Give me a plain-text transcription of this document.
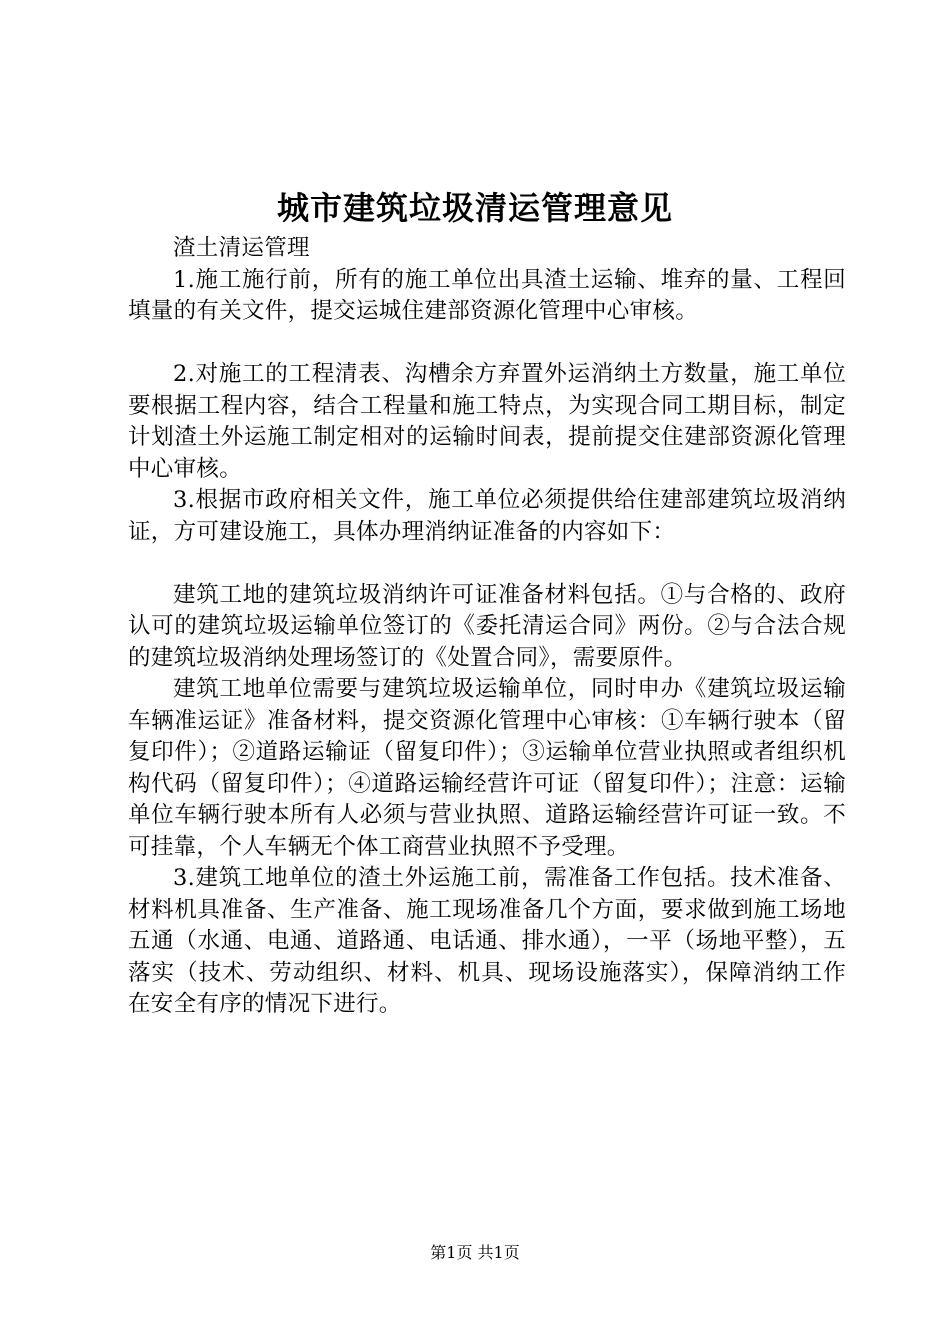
城市建筑垃圾清运管理意见

渣土清运管理

1.施工施行前，所有的施工单位出具渣土运输、堆弃的量、工程回填量的有关文件，提交运城住建部资源化管理中心审核。

2.对施工的工程清表、沟槽余方弃置外运消纳土方数量，施工单位要根据工程内容，结合工程量和施工特点，为实现合同工期目标，制定计划渣土外运施工制定相对的运输时间表，提前提交住建部资源化管理中心审核。

3.根据市政府相关文件，施工单位必须提供给住建部建筑垃圾消纳证，方可建设施工，具体办理消纳证准备的内容如下：

建筑工地的建筑垃圾消纳许可证准备材料包括。①与合格的、政府认可的建筑垃圾运输单位签订的《委托清运合同》两份。②与合法合规的建筑垃圾消纳处理场签订的《处置合同》，需要原件。

建筑工地单位需要与建筑垃圾运输单位，同时申办《建筑垃圾运输车辆准运证》准备材料，提交资源化管理中心审核：①车辆行驶本（留复印件）；②道路运输证（留复印件）；③运输单位营业执照或者组织机构代码（留复印件）；④道路运输经营许可证（留复印件）；注意：运输单位车辆行驶本所有人必须与营业执照、道路运输经营许可证一致。不可挂靠，个人车辆无个体工商营业执照不予受理。

3.建筑工地单位的渣土外运施工前，需准备工作包括。技术准备、材料机具准备、生产准备、施工现场准备几个方面，要求做到施工场地五通（水通、电通、道路通、电话通、排水通），一平（场地平整），五落实（技术、劳动组织、材料、机具、现场设施落实），保障消纳工作在安全有序的情况下进行。

第1页 共1页
